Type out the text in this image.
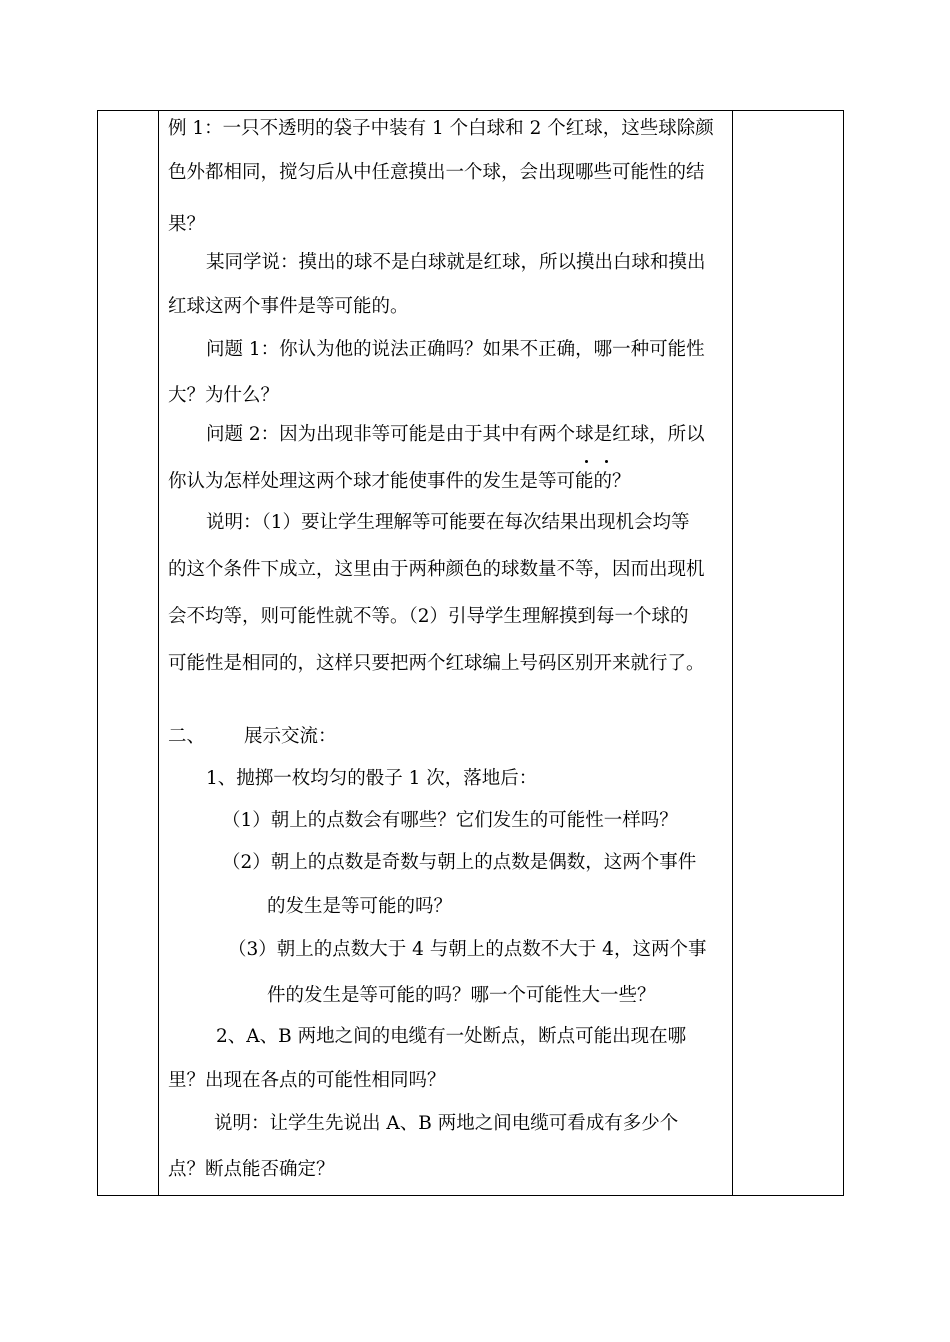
例 1：一只不透明的袋子中装有 1 个白球和 2 个红球，这些球除颜
色外都相同，搅匀后从中任意摸出一个球，会出现哪些可能性的结
果？
某同学说：摸出的球不是白球就是红球，所以摸出白球和摸出
红球这两个事件是等可能的。
问题 1：你认为他的说法正确吗？如果不正确，哪一种可能性
大？为什么？
问题 2：因为出现非等可能是由于其中有两个球是红球，所以
你认为怎样处理这两个球才能使事件的发生是等可能的？
说明：（1）要让学生理解等可能要在每次结果出现机会均等
的这个条件下成立，这里由于两种颜色的球数量不等，因而出现机
会不均等，则可能性就不等。（2）引导学生理解摸到每一个球的
可能性是相同的，这样只要把两个红球编上号码区别开来就行了。
二、 展示交流：
1、抛掷一枚均匀的骰子 1 次，落地后：
（1）朝上的点数会有哪些？它们发生的可能性一样吗？
（2）朝上的点数是奇数与朝上的点数是偶数，这两个事件
的发生是等可能的吗？
（3）朝上的点数大于 4 与朝上的点数不大于 4，这两个事
件的发生是等可能的吗？哪一个可能性大一些？
2、A、B 两地之间的电缆有一处断点，断点可能出现在哪
里？出现在各点的可能性相同吗？
说明：让学生先说出 A、B 两地之间电缆可看成有多少个
点？断点能否确定？
